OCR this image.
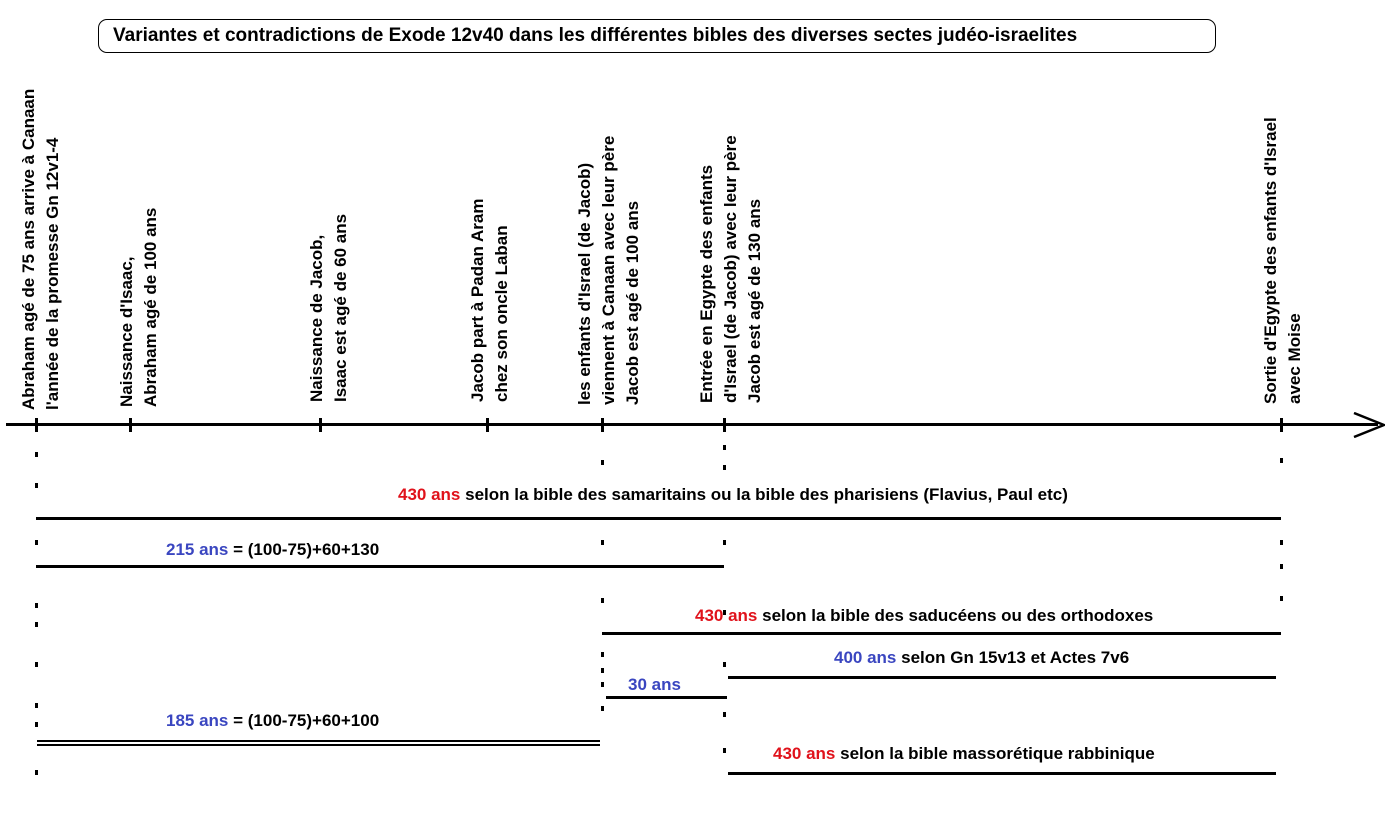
Variantes et contradictions de Exode 12v40 dans les différentes bibles des diverses sectes judéo-israelites
Abraham agé de 75 ans arrive à Canaan l'année de la promesse Gn 12v1-4	Naissance d'Isaac, Abraham agé de 100 ans	Naissance de Jacob, Isaac est agé de 60 ans	Jacob part à Padan Aram chez son oncle Laban	les enfants d'Israel (de Jacob) viennent à Canaan avec leur père Jacob est agé de 100 ans	Entrée en Egypte des enfants d'Israel (de Jacob) avec leur père Jacob est agé de 130 ans	Sortie d'Egypte des enfants d'Israel avec Moise
430 ans selon la bible des samaritains ou la bible des pharisiens (Flavius, Paul etc)
215 ans = (100-75)+60+130
430 ans selon la bible des saducéens ou des orthodoxes
400 ans selon Gn 15v13 et Actes 7v6
30 ans
185 ans = (100-75)+60+100
430 ans selon la bible massorétique rabbinique
